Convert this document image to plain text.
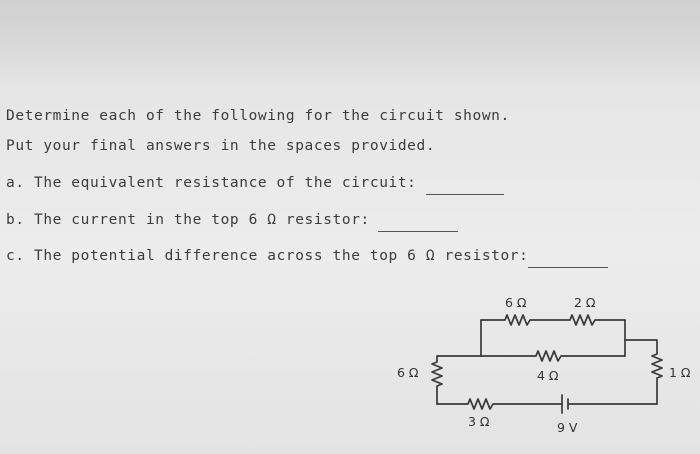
Determine each of the following for the circuit shown.
Put your final answers in the spaces provided.
a. The equivalent resistance of the circuit:
b. The current in the top 6 Ω resistor:
c. The potential difference across the top 6 Ω resistor:
6 Ω	2 Ω
4 Ω
6 Ω	1 Ω
3 Ω	9 V
